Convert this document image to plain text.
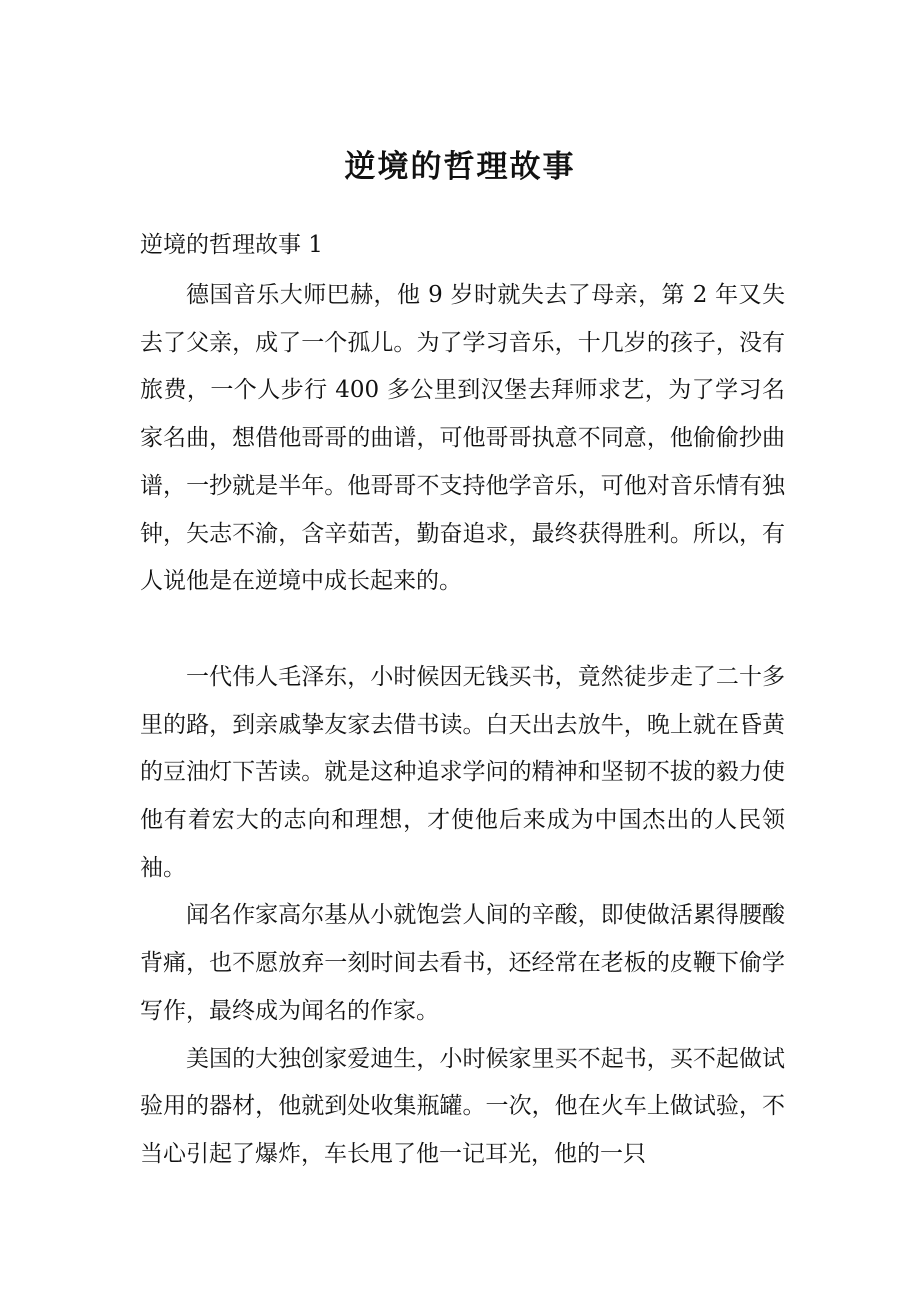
逆境的哲理故事
逆境的哲理故事 1

德国音乐大师巴赫，他 9 岁时就失去了母亲，第 2 年又失去了父亲，成了一个孤儿。为了学习音乐，十几岁的孩子，没有旅费，一个人步行 400 多公里到汉堡去拜师求艺，为了学习名家名曲，想借他哥哥的曲谱，可他哥哥执意不同意，他偷偷抄曲谱，一抄就是半年。他哥哥不支持他学音乐，可他对音乐情有独钟，矢志不渝，含辛茹苦，勤奋追求，最终获得胜利。所以，有人说他是在逆境中成长起来的。

一代伟人毛泽东，小时候因无钱买书，竟然徒步走了二十多里的路，到亲戚挚友家去借书读。白天出去放牛，晚上就在昏黄的豆油灯下苦读。就是这种追求学问的精神和坚韧不拔的毅力使他有着宏大的志向和理想，才使他后来成为中国杰出的人民领袖。

闻名作家高尔基从小就饱尝人间的辛酸，即使做活累得腰酸背痛，也不愿放弃一刻时间去看书，还经常在老板的皮鞭下偷学写作，最终成为闻名的作家。

美国的大独创家爱迪生，小时候家里买不起书，买不起做试验用的器材，他就到处收集瓶罐。一次，他在火车上做试验，不当心引起了爆炸，车长甩了他一记耳光，他的一只
